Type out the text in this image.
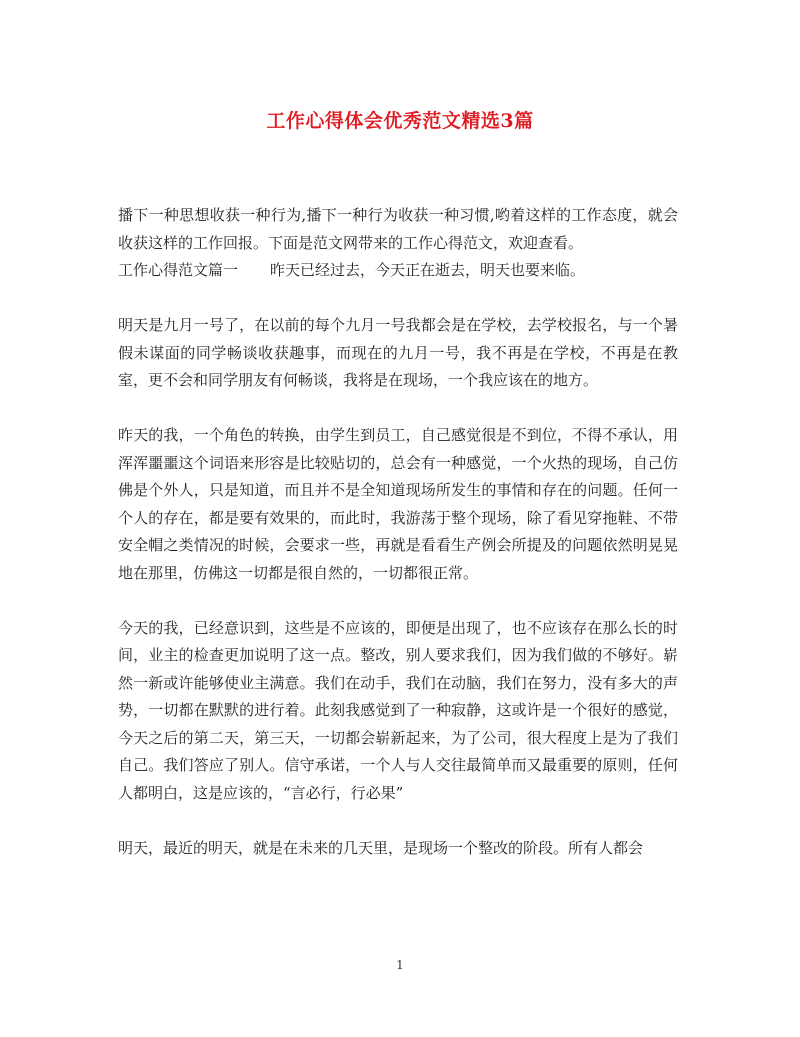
工作心得体会优秀范文精选3篇

播下一种思想收获一种行为,播下一种行为收获一种习惯,哟着这样的工作态度，就会收获这样的工作回报。下面是范文网带来的工作心得范文，欢迎查看。

工作心得范文篇一 昨天已经过去，今天正在逝去，明天也要来临。

明天是九月一号了，在以前的每个九月一号我都会是在学校，去学校报名，与一个暑假未谋面的同学畅谈收获趣事，而现在的九月一号，我不再是在学校，不再是在教室，更不会和同学朋友有何畅谈，我将是在现场，一个我应该在的地方。

昨天的我，一个角色的转换，由学生到员工，自己感觉很是不到位，不得不承认，用浑浑噩噩这个词语来形容是比较贴切的，总会有一种感觉，一个火热的现场，自己仿佛是个外人，只是知道，而且并不是全知道现场所发生的事情和存在的问题。任何一个人的存在，都是要有效果的，而此时，我游荡于整个现场，除了看见穿拖鞋、不带安全帽之类情况的时候，会要求一些，再就是看看生产例会所提及的问题依然明晃晃地在那里，仿佛这一切都是很自然的，一切都很正常。

今天的我，已经意识到，这些是不应该的，即便是出现了，也不应该存在那么长的时间，业主的检查更加说明了这一点。整改，别人要求我们，因为我们做的不够好。崭然一新或许能够使业主满意。我们在动手，我们在动脑，我们在努力，没有多大的声势，一切都在默默的进行着。此刻我感觉到了一种寂静，这或许是一个很好的感觉，今天之后的第二天，第三天，一切都会崭新起来，为了公司，很大程度上是为了我们自己。我们答应了别人。信守承诺，一个人与人交往最简单而又最重要的原则，任何人都明白，这是应该的，“言必行，行必果”

明天，最近的明天，就是在未来的几天里，是现场一个整改的阶段。所有人都会

1
